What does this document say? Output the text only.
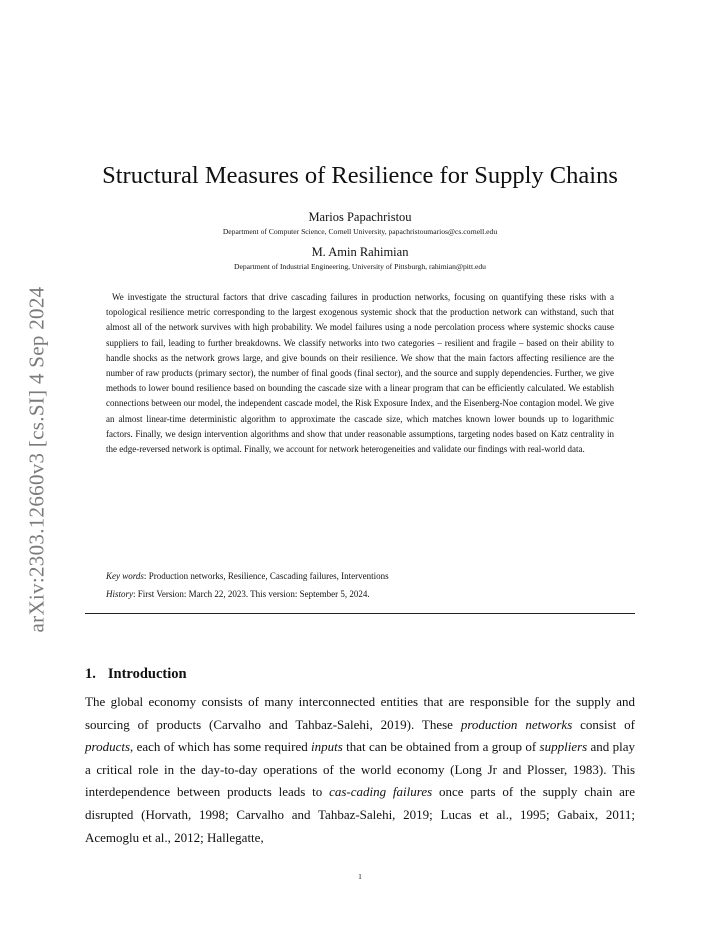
arXiv:2303.12660v3 [cs.SI] 4 Sep 2024
Structural Measures of Resilience for Supply Chains
Marios Papachristou
Department of Computer Science, Cornell University, papachristoumarios@cs.cornell.edu
M. Amin Rahimian
Department of Industrial Engineering, University of Pittsburgh, rahimian@pitt.edu

We investigate the structural factors that drive cascading failures in production networks, focusing on quantifying these risks with a topological resilience metric corresponding to the largest exogenous systemic shock that the production network can withstand, such that almost all of the network survives with high probability. We model failures using a node percolation process where systemic shocks cause suppliers to fail, leading to further breakdowns. We classify networks into two categories – resilient and fragile – based on their ability to handle shocks as the network grows large, and give bounds on their resilience. We show that the main factors affecting resilience are the number of raw products (primary sector), the number of final goods (final sector), and the source and supply dependencies. Further, we give methods to lower bound resilience based on bounding the cascade size with a linear program that can be efficiently calculated. We establish connections between our model, the independent cascade model, the Risk Exposure Index, and the Eisenberg-Noe contagion model. We give an almost linear-time deterministic algorithm to approximate the cascade size, which matches known lower bounds up to logarithmic factors. Finally, we design intervention algorithms and show that under reasonable assumptions, targeting nodes based on Katz centrality in the edge-reversed network is optimal. Finally, we account for network heterogeneities and validate our findings with real-world data.

Key words: Production networks, Resilience, Cascading failures, Interventions
History: First Version: March 22, 2023. This version: September 5, 2024.
1. Introduction

The global economy consists of many interconnected entities that are responsible for the supply and sourcing of products (Carvalho and Tahbaz-Salehi, 2019). These production networks consist of products, each of which has some required inputs that can be obtained from a group of suppliers and play a critical role in the day-to-day operations of the world economy (Long Jr and Plosser, 1983). This interdependence between products leads to cas-cading failures once parts of the supply chain are disrupted (Horvath, 1998; Carvalho and Tahbaz-Salehi, 2019; Lucas et al., 1995; Gabaix, 2011; Acemoglu et al., 2012; Hallegatte,

1
